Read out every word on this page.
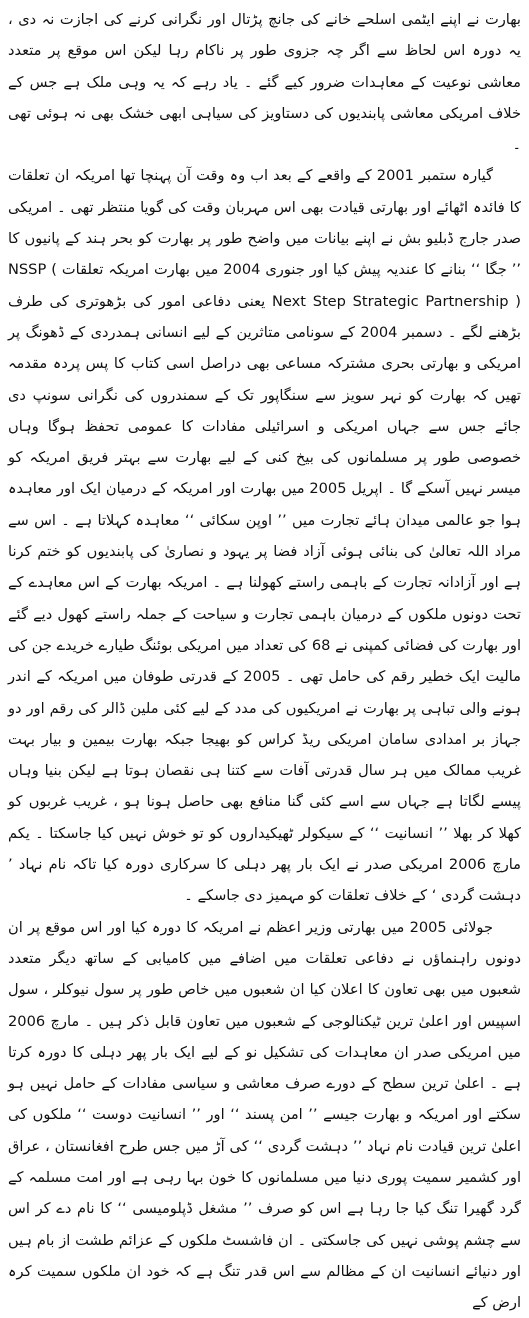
بھارت نے اپنے ایٹمی اسلحے خانے کی جانچ پڑتال اور نگرانی کرنے کی اجازت نہ دی ، یہ دورہ اس لحاظ سے اگر چہ جزوی طور پر ناکام رہا لیکن اس موقع پر متعدد معاشی نوعیت کے معاہدات ضرور کیے گئے ۔ یاد رہے کہ یہ وہی ملک ہے جس کے خلاف امریکی معاشی پابندیوں کی دستاویز کی سیاہی ابھی خشک بھی نہ ہوئی تھی ۔

گیارہ ستمبر 2001 کے واقعے کے بعد اب وہ وقت آن پہنچا تھا امریکہ ان تعلقات کا فائدہ اٹھائے اور بھارتی قیادت بھی اس مہربان وقت کی گویا منتظر تھی ۔ امریکی صدر جارج ڈبلیو بش نے اپنے بیانات میں واضح طور پر بھارت کو بحر ہند کے پانیوں کا ’’ جگا ‘‘ بنانے کا عندیہ پیش کیا اور جنوری 2004 میں بھارت امریکہ تعلقات NSSP ( Next Step Strategic Partnership ) یعنی دفاعی امور کی بڑھوتری کی طرف بڑھنے لگے ۔ دسمبر 2004 کے سونامی متاثرین کے لیے انسانی ہمدردی کے ڈھونگ پر امریکی و بھارتی بحری مشترکہ مساعی بھی دراصل اسی کتاب کا پس پردہ مقدمہ تھیں کہ بھارت کو نہر سویز سے سنگاپور تک کے سمندروں کی نگرانی سونپ دی جائے جس سے جہاں امریکی و اسرائیلی مفادات کا عمومی تحفظ ہوگا وہاں خصوصی طور پر مسلمانوں کی بیخ کنی کے لیے بھارت سے بہتر فریق امریکہ کو میسر نہیں آسکے گا ۔ اپریل 2005 میں بھارت اور امریکہ کے درمیان ایک اور معاہدہ ہوا جو عالمی میدان ہائے تجارت میں ’’ اوپن سکائی ‘‘ معاہدہ کہلاتا ہے ۔ اس سے مراد اللہ تعالیٰ کی بنائی ہوئی آزاد فضا پر یہود و نصاریٰ کی پابندیوں کو ختم کرنا ہے اور آزادانہ تجارت کے باہمی راستے کھولنا ہے ۔ امریکہ بھارت کے اس معاہدے کے تحت دونوں ملکوں کے درمیان باہمی تجارت و سیاحت کے جملہ راستے کھول دیے گئے اور بھارت کی فضائی کمپنی نے 68 کی تعداد میں امریکی بوئنگ طیارے خریدے جن کی مالیت ایک خطیر رقم کی حامل تھی ۔ 2005 کے قدرتی طوفان میں امریکہ کے اندر ہونے والی تباہی پر بھارت نے امریکیوں کی مدد کے لیے کئی ملین ڈالر کی رقم اور دو جہاز بر امدادی سامان امریکی ریڈ کراس کو بھیجا جبکہ بھارت بیمین و بیار بہت غریب ممالک میں ہر سال قدرتی آفات سے کتنا ہی نقصان ہوتا ہے لیکن بنیا وہاں پیسے لگاتا ہے جہاں سے اسے کئی گنا منافع بھی حاصل ہونا ہو ، غریب غربوں کو کھلا کر بھلا ’’ انسانیت ‘‘ کے سیکولر ٹھیکیداروں کو تو خوش نہیں کیا جاسکتا ۔ یکم مارچ 2006 امریکی صدر نے ایک بار پھر دہلی کا سرکاری دورہ کیا تاکہ نام نہاد ’ دہشت گردی ‘ کے خلاف تعلقات کو مہمیز دی جاسکے ۔

جولائی 2005 میں بھارتی وزیر اعظم نے امریکہ کا دورہ کیا اور اس موقع پر ان دونوں راہنماؤں نے دفاعی تعلقات میں اضافے میں کامیابی کے ساتھ دیگر متعدد شعبوں میں بھی تعاون کا اعلان کیا ان شعبوں میں خاص طور پر سول نیوکلر ، سول اسپیس اور اعلیٰ ترین ٹیکنالوجی کے شعبوں میں تعاون قابل ذکر ہیں ۔ مارچ 2006 میں امریکی صدر ان معاہدات کی تشکیل نو کے لیے ایک بار پھر دہلی کا دورہ کرتا ہے ۔ اعلیٰ ترین سطح کے دورے صرف معاشی و سیاسی مفادات کے حامل نہیں ہو سکتے اور امریکہ و بھارت جیسے ’’ امن پسند ‘‘ اور ’’ انسانیت دوست ‘‘ ملکوں کی اعلیٰ ترین قیادت نام نہاد ’’ دہشت گردی ‘‘ کی آڑ میں جس طرح افغانستان ، عراق اور کشمیر سمیت پوری دنیا میں مسلمانوں کا خون بہا رہی ہے اور امت مسلمہ کے گرد گھیرا تنگ کیا جا رہا ہے اس کو صرف ’’ مشغل ڈپلومیسی ‘‘ کا نام دے کر اس سے چشم پوشی نہیں کی جاسکتی ۔ ان فاشسٹ ملکوں کے عزائم طشت از بام ہیں اور دنیائے انسانیت ان کے مظالم سے اس قدر تنگ ہے کہ خود ان ملکوں سمیت کرہ ارض کے
